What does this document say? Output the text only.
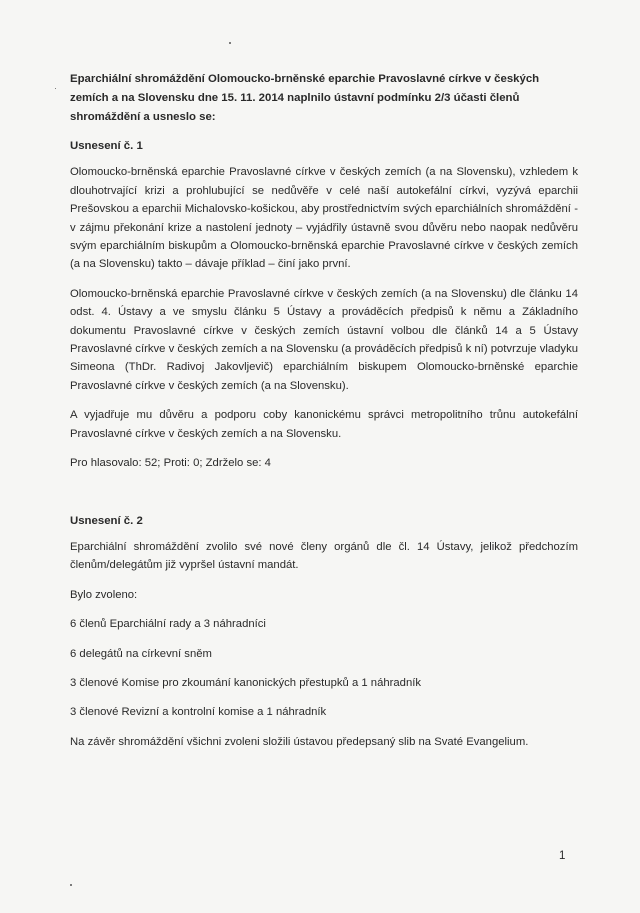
Eparchiální shromáždění Olomoucko-brněnské eparchie Pravoslavné církve v českých zemích a na Slovensku dne 15. 11. 2014 naplnilo ústavní podmínku 2/3 účasti členů shromáždění a usneslo se:
Usnesení č. 1

Olomoucko-brněnská eparchie Pravoslavné církve v českých zemích (a na Slovensku), vzhledem k dlouhotrvající krizi a prohlubující se nedůvěře v celé naší autokefální církvi, vyzývá eparchii Prešovskou a eparchii Michalovsko-košickou, aby prostřednictvím svých eparchiálních shromáždění - v zájmu překonání krize a nastolení jednoty – vyjádřily ústavně svou důvěru nebo naopak nedůvěru svým eparchiálním biskupům a Olomoucko-brněnská eparchie Pravoslavné církve v českých zemích (a na Slovensku) takto – dávaje příklad – činí jako první.

Olomoucko-brněnská eparchie Pravoslavné církve v českých zemích (a na Slovensku) dle článku 14 odst. 4. Ústavy a ve smyslu článku 5 Ústavy a prováděcích předpisů k němu a Základního dokumentu Pravoslavné církve v českých zemích ústavní volbou dle článků 14 a 5 Ústavy Pravoslavné církve v českých zemích a na Slovensku (a prováděcích předpisů k ní) potvrzuje vladyku Simeona (ThDr. Radivoj Jakovljevič) eparchiálním biskupem Olomoucko-brněnské eparchie Pravoslavné církve v českých zemích (a na Slovensku).

A vyjadřuje mu důvěru a podporu coby kanonickému správci metropolitního trůnu autokefální Pravoslavné církve v českých zemích a na Slovensku.

Pro hlasovalo: 52; Proti: 0; Zdrželo se: 4

Usnesení č. 2

Eparchiální shromáždění zvolilo své nové členy orgánů dle čl. 14 Ústavy, jelikož předchozím členům/delegátům již vypršel ústavní mandát.

Bylo zvoleno:

6 členů Eparchiální rady a 3 náhradníci

6 delegátů na církevní sněm

3 členové Komise pro zkoumání kanonických přestupků a 1 náhradník

3 členové Revizní a kontrolní komise a 1 náhradník

Na závěr shromáždění všichni zvoleni složili ústavou předepsaný slib na Svaté Evangelium.

1
